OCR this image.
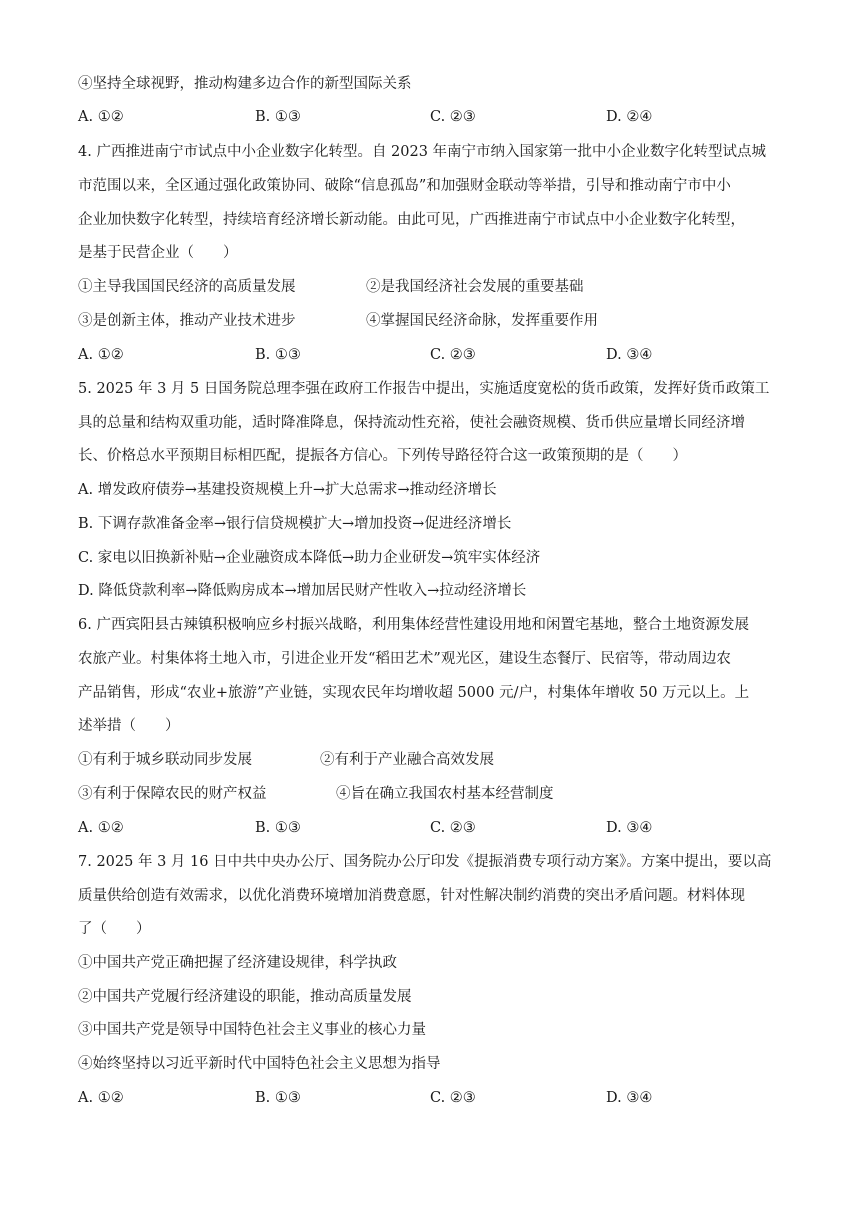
④坚持全球视野，推动构建多边合作的新型国际关系
A. ①②	B. ①③	C. ②③	D. ②④
4. 广西推进南宁市试点中小企业数字化转型。自 2023 年南宁市纳入国家第一批中小企业数字化转型试点城
市范围以来，全区通过强化政策协同、破除“信息孤岛”和加强财金联动等举措，引导和推动南宁市中小
企业加快数字化转型，持续培育经济增长新动能。由此可见，广西推进南宁市试点中小企业数字化转型，
是基于民营企业（　　）
①主导我国国民经济的高质量发展	②是我国经济社会发展的重要基础
③是创新主体，推动产业技术进步	④掌握国民经济命脉，发挥重要作用
A. ①②	B. ①③	C. ②③	D. ③④
5. 2025 年 3 月 5 日国务院总理李强在政府工作报告中提出，实施适度宽松的货币政策，发挥好货币政策工
具的总量和结构双重功能，适时降准降息，保持流动性充裕，使社会融资规模、货币供应量增长同经济增
长、价格总水平预期目标相匹配，提振各方信心。下列传导路径符合这一政策预期的是（　　）
A. 增发政府债券→基建投资规模上升→扩大总需求→推动经济增长
B. 下调存款准备金率→银行信贷规模扩大→增加投资→促进经济增长
C. 家电以旧换新补贴→企业融资成本降低→助力企业研发→筑牢实体经济
D. 降低贷款利率→降低购房成本→增加居民财产性收入→拉动经济增长
6. 广西宾阳县古辣镇积极响应乡村振兴战略，利用集体经营性建设用地和闲置宅基地，整合土地资源发展
农旅产业。村集体将土地入市，引进企业开发“稻田艺术”观光区，建设生态餐厅、民宿等，带动周边农
产品销售，形成“农业+旅游”产业链，实现农民年均增收超 5000 元/户，村集体年增收 50 万元以上。上
述举措（　　）
①有利于城乡联动同步发展	②有利于产业融合高效发展
③有利于保障农民的财产权益	④旨在确立我国农村基本经营制度
A. ①②	B. ①③	C. ②③	D. ③④
7. 2025 年 3 月 16 日中共中央办公厅、国务院办公厅印发《提振消费专项行动方案》。方案中提出，要以高
质量供给创造有效需求，以优化消费环境增加消费意愿，针对性解决制约消费的突出矛盾问题。材料体现
了（　　）
①中国共产党正确把握了经济建设规律，科学执政
②中国共产党履行经济建设的职能，推动高质量发展
③中国共产党是领导中国特色社会主义事业的核心力量
④始终坚持以习近平新时代中国特色社会主义思想为指导
A. ①②	B. ①③	C. ②③	D. ③④
